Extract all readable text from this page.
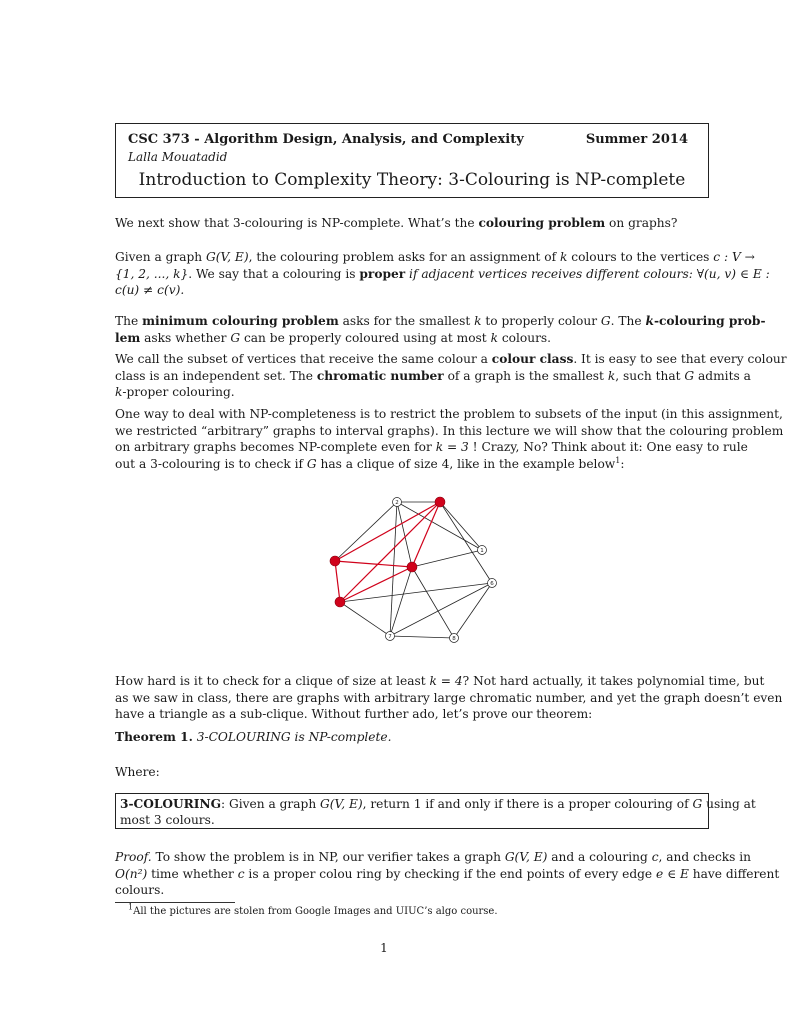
CSC 373 - Algorithm Design, Analysis, and Complexity	Summer 2014
Lalla Mouatadid
Introduction to Complexity Theory: 3-Colouring is NP-complete

We next show that 3-colouring is NP-complete. What’s the colouring problem on graphs?

Given a graph G(V, E), the colouring problem asks for an assignment of k colours to the vertices c : V →
{1, 2, ..., k}. We say that a colouring is proper if adjacent vertices receives different colours: ∀(u, v) ∈ E :
c(u) ≠ c(v).

The minimum colouring problem asks for the smallest k to properly colour G. The k-colouring prob-
lem asks whether G can be properly coloured using at most k colours.

We call the subset of vertices that receive the same colour a colour class. It is easy to see that every colour
class is an independent set. The chromatic number of a graph is the smallest k, such that G admits a
k-proper colouring.

One way to deal with NP-completeness is to restrict the problem to subsets of the input (in this assignment,
we restricted “arbitrary” graphs to interval graphs). In this lecture we will show that the colouring problem
on arbitrary graphs becomes NP-complete even for k = 3 ! Crazy, No? Think about it: One easy to rule
out a 3-colouring is to check if G has a clique of size 4, like in the example below$^1$:

2
1
6
7	8

How hard is it to check for a clique of size at least k = 4? Not hard actually, it takes polynomial time, but
as we saw in class, there are graphs with arbitrary large chromatic number, and yet the graph doesn’t even
have a triangle as a sub-clique. Without further ado, let’s prove our theorem:

Theorem 1. 3-COLOURING is NP-complete.

Where:

3-COLOURING: Given a graph G(V, E), return 1 if and only if there is a proper colouring of G using at
most 3 colours.

Proof. To show the problem is in NP, our verifier takes a graph G(V, E) and a colouring c, and checks in
O(n²) time whether c is a proper colou ring by checking if the end points of every edge e ∈ E have different
colours.

$^1$All the pictures are stolen from Google Images and UIUC’s algo course.
1
